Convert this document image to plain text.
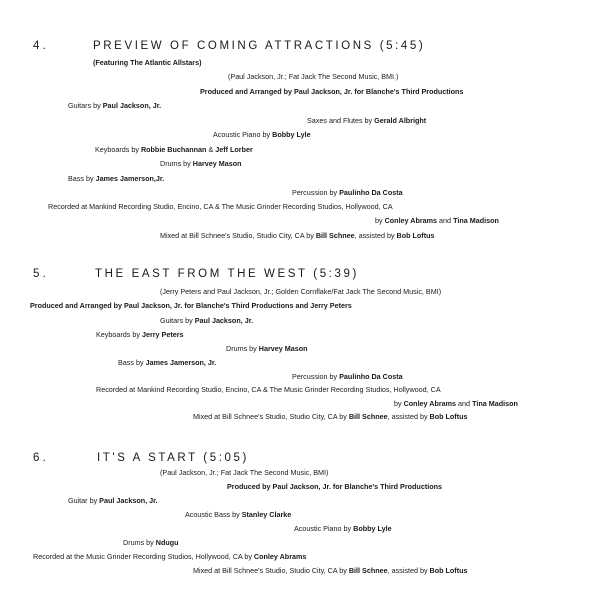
4 .	PREVIEW OF COMING ATTRACTIONS (5:45)
(Featuring The Atlantic Allstars)
(Paul Jackson, Jr.; Fat Jack The Second Music, BMI.)
Produced and Arranged by Paul Jackson, Jr. for Blanche's Third Productions
Guitars by Paul Jackson, Jr.
Saxes and Flutes by Gerald Albright
Acoustic Piano by Bobby Lyle
Keyboards by Robbie Buchannan & Jeff Lorber
Drums by Harvey Mason
Bass by James Jamerson,Jr.
Percussion by Paulinho Da Costa
Recorded at Mankind Recording Studio, Encino, CA & The Music Grinder Recording Studios, Hollywood, CA
by Conley Abrams and Tina Madison
Mixed at Bill Schnee's Studio, Studio City, CA by Bill Schnee, assisted by Bob Loftus
5 .	THE EAST FROM THE WEST (5:39)
(Jerry Peters and Paul Jackson, Jr.; Golden Cornflake/Fat Jack The Second Music, BMI)
Produced and Arranged by Paul Jackson, Jr. for Blanche's Third Productions and Jerry Peters
Guitars by Paul Jackson, Jr.
Keyboards by Jerry Peters
Drums by Harvey Mason
Bass by James Jamerson, Jr.
Percussion by Paulinho Da Costa
Recorded at Mankind Recording Studio, Encino, CA & The Music Grinder Recording Studios, Hollywood, CA
by Conley Abrams and Tina Madison
Mixed at Bill Schnee's Studio, Studio City, CA by Bill Schnee, assisted by Bob Loftus
6 .	IT'S A START (5:05)
(Paul Jackson, Jr.; Fat Jack The Second Music, BMI)
Produced by Paul Jackson, Jr. for Blanche's Third Productions
Guitar by Paul Jackson, Jr.
Acoustic Bass by Stanley Clarke
Acoustic Piano by Bobby Lyle
Drums by Ndugu
Recorded at the Music Grinder Recording Studios, Hollywood, CA by Conley Abrams
Mixed at Bill Schnee's Studio, Studio City, CA by Bill Schnee, assisted by Bob Loftus
